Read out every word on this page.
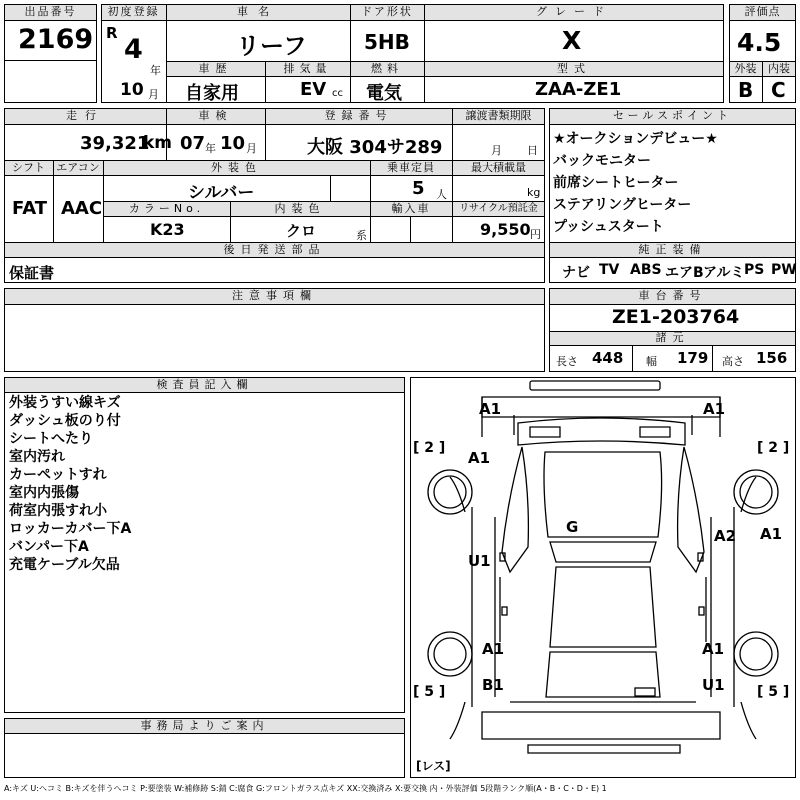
出品番号
2169
初度登録
R
4
年
10 月
車名
リーフ
ドア形状
5HB
グレード
X
車歴
自家用
排気量
EV cc
燃料
電気
型式
ZAA-ZE1
評価点
4.5
外装	内装
B C
走行
39,321
km
車検
07 年 10 月
登録番号
大阪 304サ289
譲渡書類期限
月 日
シフト
FAT
エアコン
AAC
外装色
シルバー
乗車定員
5 人
最大積載量
kg
カラーNo.
K23
内装色
クロ	系
輸入車	リサイクル預託金
9,550 円
後日発送部品
保証書
セールスポイント
★オークションデビュー★
バックモニター
前席シートヒーター
ステアリングヒーター
プッシュスタート
純正装備
ナビ TV ABS エアB アルミ PS PW
注意事項欄	車台番号
ZE1-203764
諸元
長さ 448 幅 179 高さ 156
検査員記入欄
外装うすい線キズ
ダッシュ板のり付
シートへたり
室内汚れ
カーペットすれ
室内内張傷
荷室内張すれ小
ロッカーカバー下A
バンパー下A
充電ケーブル欠品
事務局よりご案内
A1	A1
A1
G	A2 A1
U1
A1	A1
B1	U1
[ 2 ]	[ 2 ]
[ 5 ]	[ 5 ]
[レス]
A:キズ U:ヘコミ B:キズを伴うヘコミ P:要塗装 W:補修跡 S:錆 C:腐食 G:フロントガラス点キズ XX:交換済み X:要交換 内・外装評価 5段階ランク順(A・B・C・D・E) 1
